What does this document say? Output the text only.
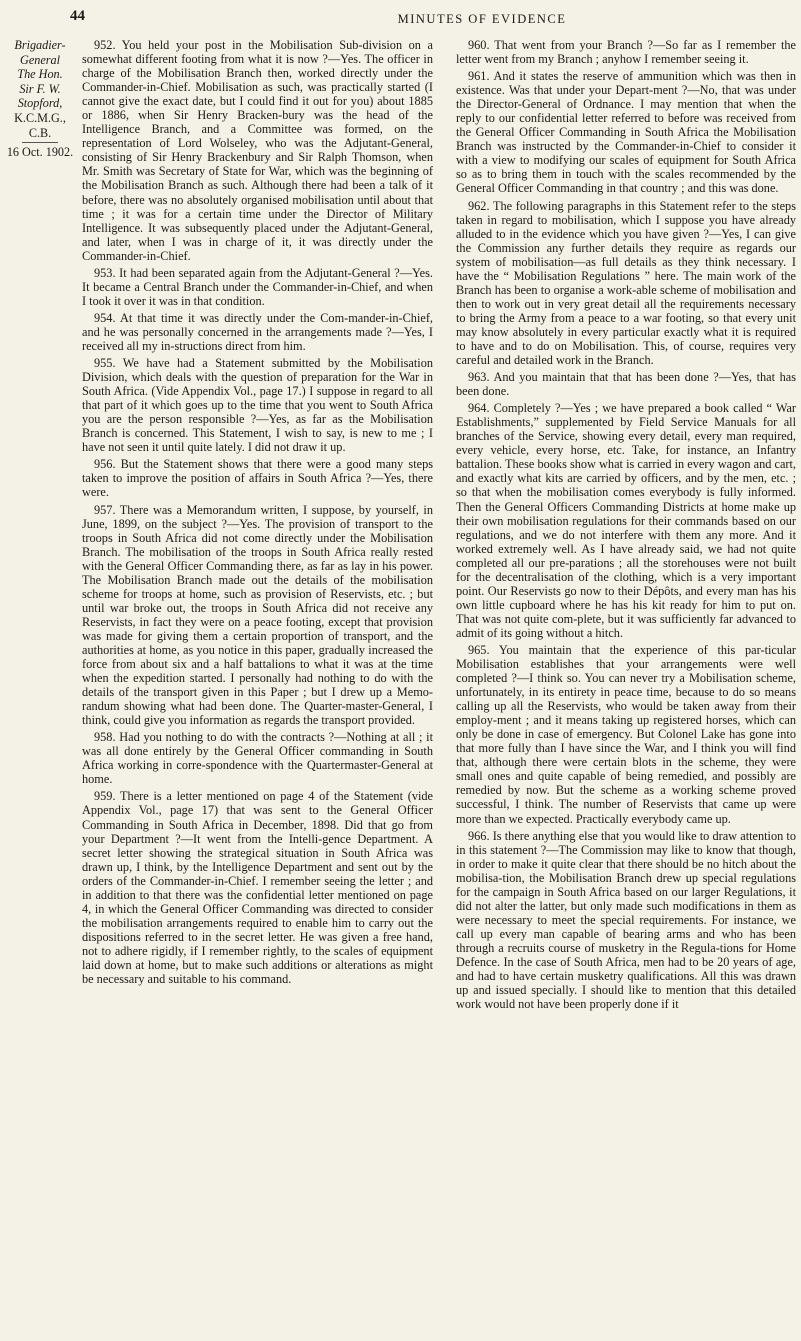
44	MINUTES OF EVIDENCE
Brigadier-
General
The Hon.
Sir F. W.
Stopford,
K.C.M.G., C.B.
16 Oct. 1902.

952. You held your post in the Mobilisation Sub-division on a somewhat different footing from what it is now ?—Yes. The officer in charge of the Mobilisation Branch then, worked directly under the Commander-in-Chief. Mobilisation as such, was practically started (I cannot give the exact date, but I could find it out for you) about 1885 or 1886, when Sir Henry Bracken-bury was the head of the Intelligence Branch, and a Committee was formed, on the representation of Lord Wolseley, who was the Adjutant-General, consisting of Sir Henry Brackenbury and Sir Ralph Thomson, when Mr. Smith was Secretary of State for War, which was the beginning of the Mobilisation Branch as such. Although there had been a talk of it before, there was no absolutely organised mobilisation until about that time ; it was for a certain time under the Director of Military Intelligence. It was subsequently placed under the Adjutant-General, and later, when I was in charge of it, it was directly under the Commander-in-Chief.

953. It had been separated again from the Adjutant-General ?—Yes. It became a Central Branch under the Commander-in-Chief, and when I took it over it was in that condition.

954. At that time it was directly under the Com-mander-in-Chief, and he was personally concerned in the arrangements made ?—Yes, I received all my in-structions direct from him.

955. We have had a Statement submitted by the Mobilisation Division, which deals with the question of preparation for the War in South Africa. (Vide Appendix Vol., page 17.) I suppose in regard to all that part of it which goes up to the time that you went to South Africa you are the person responsible ?—Yes, as far as the Mobilisation Branch is concerned. This Statement, I wish to say, is new to me ; I have not seen it until quite lately. I did not draw it up.

956. But the Statement shows that there were a good many steps taken to improve the position of affairs in South Africa ?—Yes, there were.

957. There was a Memorandum written, I suppose, by yourself, in June, 1899, on the subject ?—Yes. The provision of transport to the troops in South Africa did not come directly under the Mobilisation Branch. The mobilisation of the troops in South Africa really rested with the General Officer Commanding there, as far as lay in his power. The Mobilisation Branch made out the details of the mobilisation scheme for troops at home, such as provision of Reservists, etc. ; but until war broke out, the troops in South Africa did not receive any Reservists, in fact they were on a peace footing, except that provision was made for giving them a certain proportion of transport, and the authorities at home, as you notice in this paper, gradually increased the force from about six and a half battalions to what it was at the time when the expedition started. I personally had nothing to do with the details of the transport given in this Paper ; but I drew up a Memo-randum showing what had been done. The Quarter-master-General, I think, could give you information as regards the transport provided.

958. Had you nothing to do with the contracts ?—Nothing at all ; it was all done entirely by the General Officer commanding in South Africa working in corre-spondence with the Quartermaster-General at home.

959. There is a letter mentioned on page 4 of the Statement (vide Appendix Vol., page 17) that was sent to the General Officer Commanding in South Africa in December, 1898. Did that go from your Department ?—It went from the Intelli-gence Department. A secret letter showing the strategical situation in South Africa was drawn up, I think, by the Intelligence Department and sent out by the orders of the Commander-in-Chief. I remember seeing the letter ; and in addition to that there was the confidential letter mentioned on page 4, in which the General Officer Commanding was directed to consider the mobilisation arrangements required to enable him to carry out the dispositions referred to in the secret letter. He was given a free hand, not to adhere rigidly, if I remember rightly, to the scales of equipment laid down at home, but to make such additions or alterations as might be necessary and suitable to his command.

960. That went from your Branch ?—So far as I remember the letter went from my Branch ; anyhow I remember seeing it.

961. And it states the reserve of ammunition which was then in existence. Was that under your Depart-ment ?—No, that was under the Director-General of Ordnance. I may mention that when the reply to our confidential letter referred to before was received from the General Officer Commanding in South Africa the Mobilisation Branch was instructed by the Commander-in-Chief to consider it with a view to modifying our scales of equipment for South Africa so as to bring them in touch with the scales recommended by the General Officer Commanding in that country ; and this was done.

962. The following paragraphs in this Statement refer to the steps taken in regard to mobilisation, which I suppose you have already alluded to in the evidence which you have given ?—Yes, I can give the Commission any further details they require as regards our system of mobilisation—as full details as they think necessary. I have the “ Mobilisation Regulations ” here. The main work of the Branch has been to organise a work-able scheme of mobilisation and then to work out in very great detail all the requirements necessary to bring the Army from a peace to a war footing, so that every unit may know absolutely in every particular exactly what it is required to have and to do on Mobilisation. This, of course, requires very careful and detailed work in the Branch.

963. And you maintain that that has been done ?—Yes, that has been done.

964. Completely ?—Yes ; we have prepared a book called “ War Establishments,” supplemented by Field Service Manuals for all branches of the Service, showing every detail, every man required, every vehicle, every horse, etc. Take, for instance, an Infantry battalion. These books show what is carried in every wagon and cart, and exactly what kits are carried by officers, and by the men, etc. ; so that when the mobilisation comes everybody is fully informed. Then the General Officers Commanding Districts at home make up their own mobilisation regulations for their commands based on our regulations, and we do not interfere with them any more. And it worked extremely well. As I have already said, we had not quite completed all our pre-parations ; all the storehouses were not built for the decentralisation of the clothing, which is a very important point. Our Reservists go now to their Dépôts, and every man has his own little cupboard where he has his kit ready for him to put on. That was not quite com-plete, but it was sufficiently far advanced to admit of its going without a hitch.

965. You maintain that the experience of this par-ticular Mobilisation establishes that your arrangements were well completed ?—I think so. You can never try a Mobilisation scheme, unfortunately, in its entirety in peace time, because to do so means calling up all the Reservists, who would be taken away from their employ-ment ; and it means taking up registered horses, which can only be done in case of emergency. But Colonel Lake has gone into that more fully than I have since the War, and I think you will find that, although there were certain blots in the scheme, they were small ones and quite capable of being remedied, and possibly are remedied by now. But the scheme as a working scheme proved successful, I think. The number of Reservists that came up were more than we expected. Practically everybody came up.

966. Is there anything else that you would like to draw attention to in this statement ?—The Commission may like to know that though, in order to make it quite clear that there should be no hitch about the mobilisa-tion, the Mobilisation Branch drew up special regulations for the campaign in South Africa based on our larger Regulations, it did not alter the latter, but only made such modifications in them as were necessary to meet the special requirements. For instance, we call up every man capable of bearing arms and who has been through a recruits course of musketry in the Regula-tions for Home Defence. In the case of South Africa, men had to be 20 years of age, and had to have certain musketry qualifications. All this was drawn up and issued specially. I should like to mention that this detailed work would not have been properly done if it
